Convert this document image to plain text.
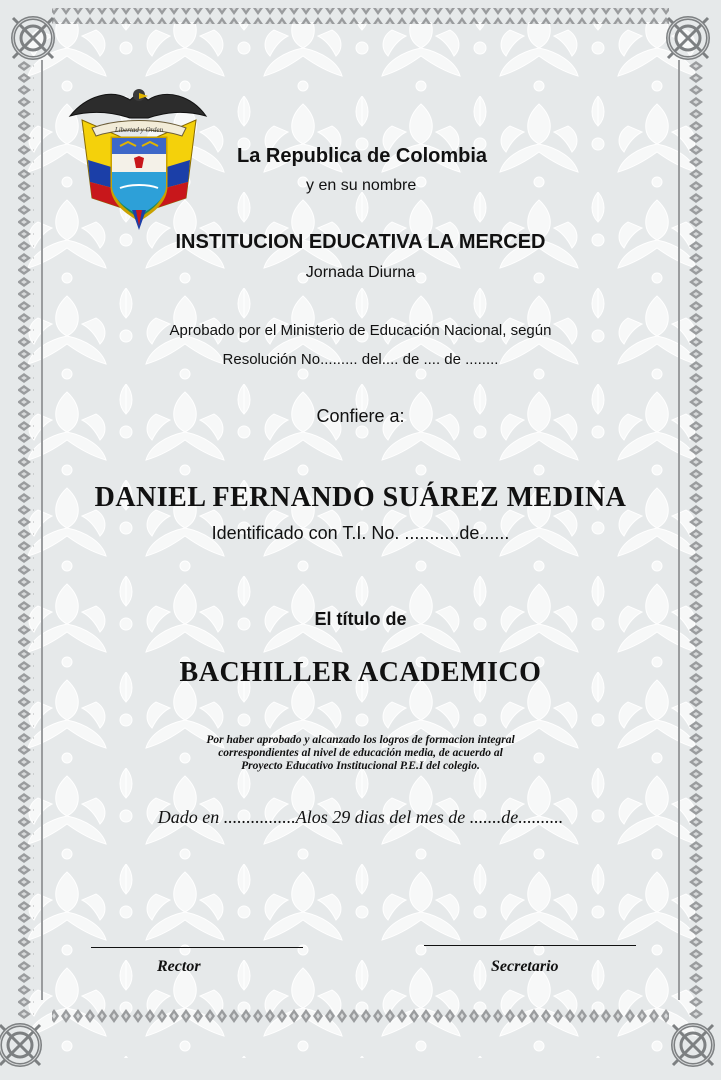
Libertad y Orden
La Republica de Colombia
y en su nombre
INSTITUCION EDUCATIVA LA MERCED
Jornada Diurna
Aprobado por el Ministerio de Educación Nacional, según
Resolución No......... del.... de .... de ........
Confiere a:
DANIEL FERNANDO SUÁREZ MEDINA
Identificado con T.I. No. ...........de......
El título de
BACHILLER ACADEMICO
Por haber aprobado y alcanzado los logros de formacion integral
correspondientes al nivel de educación media, de acuerdo al
Proyecto Educativo Institucional P.E.I del colegio.
Dado en ................Alos 29 dias del mes de .......de..........
Rector	Secretario
